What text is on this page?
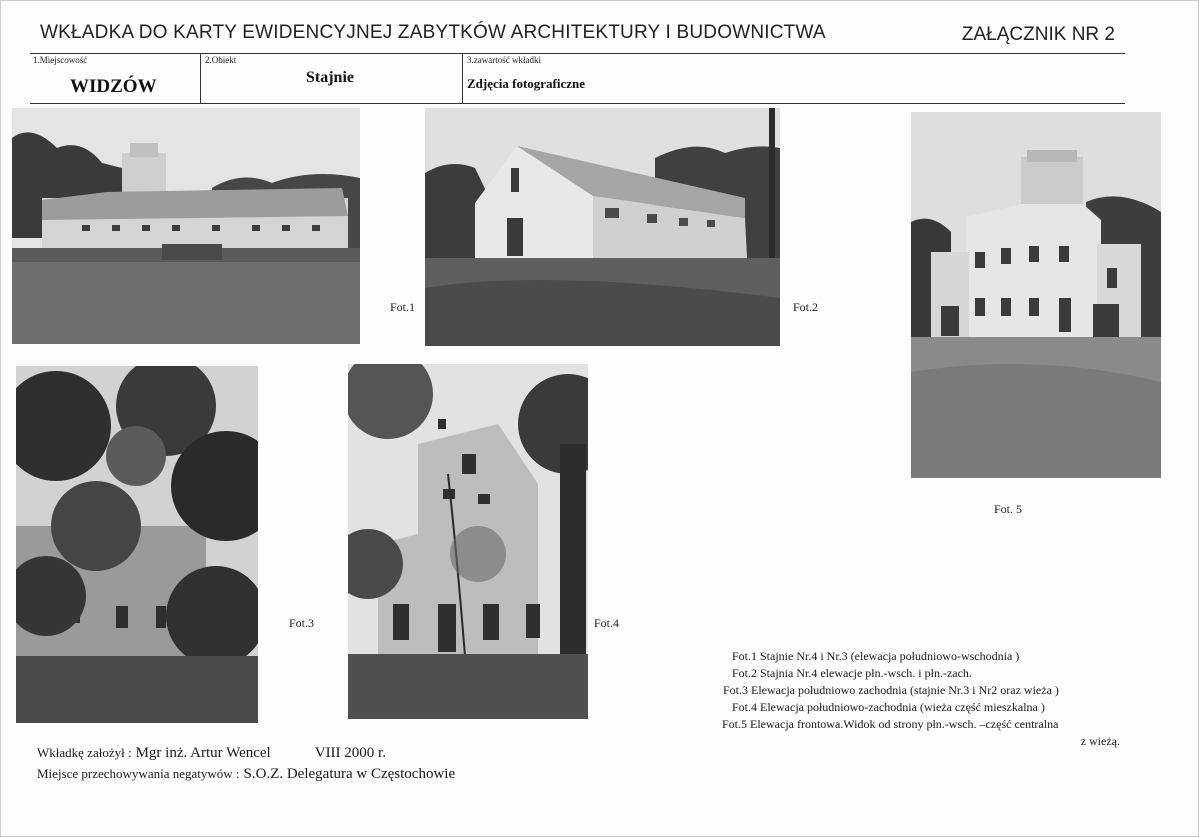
WKŁADKA DO KARTY EWIDENCYJNEJ ZABYTKÓW ARCHITEKTURY I BUDOWNICTWA	ZAŁĄCZNIK NR 2
1.Miejscowość
WIDZÓW
2.Obiekt
Stajnie
3.zawartość wkładki
Zdjęcia fotograficzne
Fot.1	Fot.2
Fot. 5
Fot.3	Fot.4
Fot.1 Stajnie Nr.4 i Nr.3 (elewacja południowo-wschodnia )
Fot.2 Stajnia Nr.4 elewacje płn.-wsch. i płn.-zach.
Fot.3 Elewacja południowo zachodnia (stajnie Nr.3 i Nr2 oraz wieża )
Fot.4 Elewacja południowo-zachodnia (wieża część mieszkalna )
Fot.5 Elewacja frontowa.Widok od strony płn.-wsch. –część centralna
z wieżą.
Wkładkę założył : Mgr inż. Artur Wencel	VIII 2000 r.
Miejsce przechowywania negatywów : S.O.Z. Delegatura w Częstochowie
